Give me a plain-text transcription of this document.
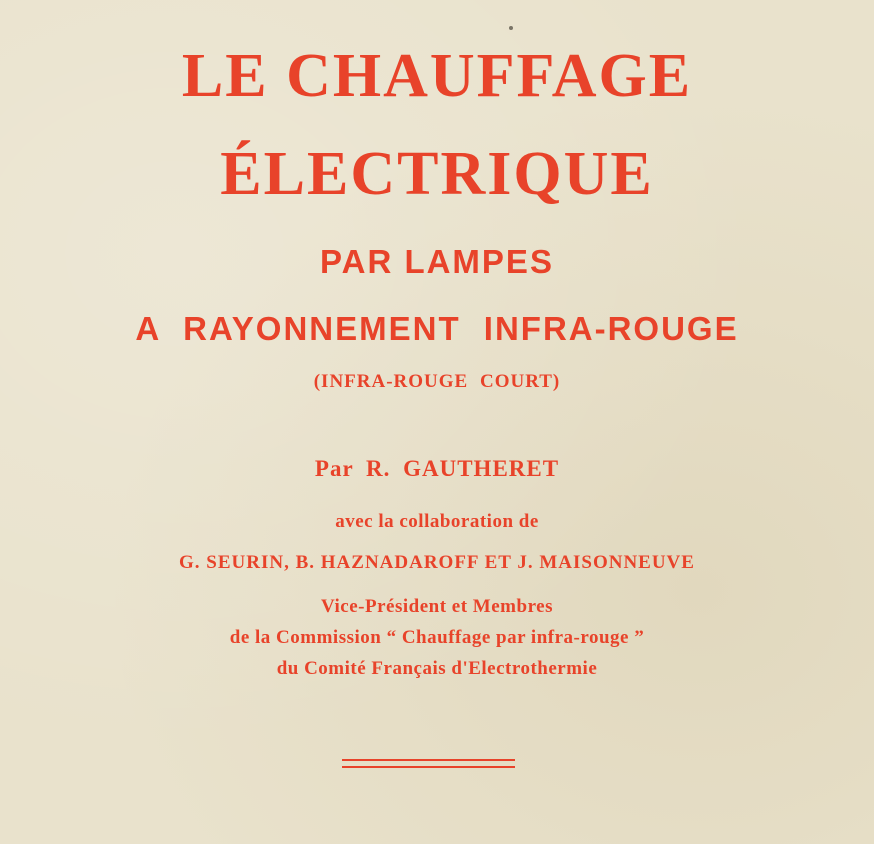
LE CHAUFFAGE
ÉLECTRIQUE
PAR LAMPES
A RAYONNEMENT INFRA-ROUGE
(INFRA-ROUGE COURT)
Par R. GAUTHERET
avec la collaboration de
G. SEURIN, B. HAZNADAROFF ET J. MAISONNEUVE
Vice-Président et Membres
de la Commission “ Chauffage par infra-rouge ”
du Comité Français d'Electrothermie
